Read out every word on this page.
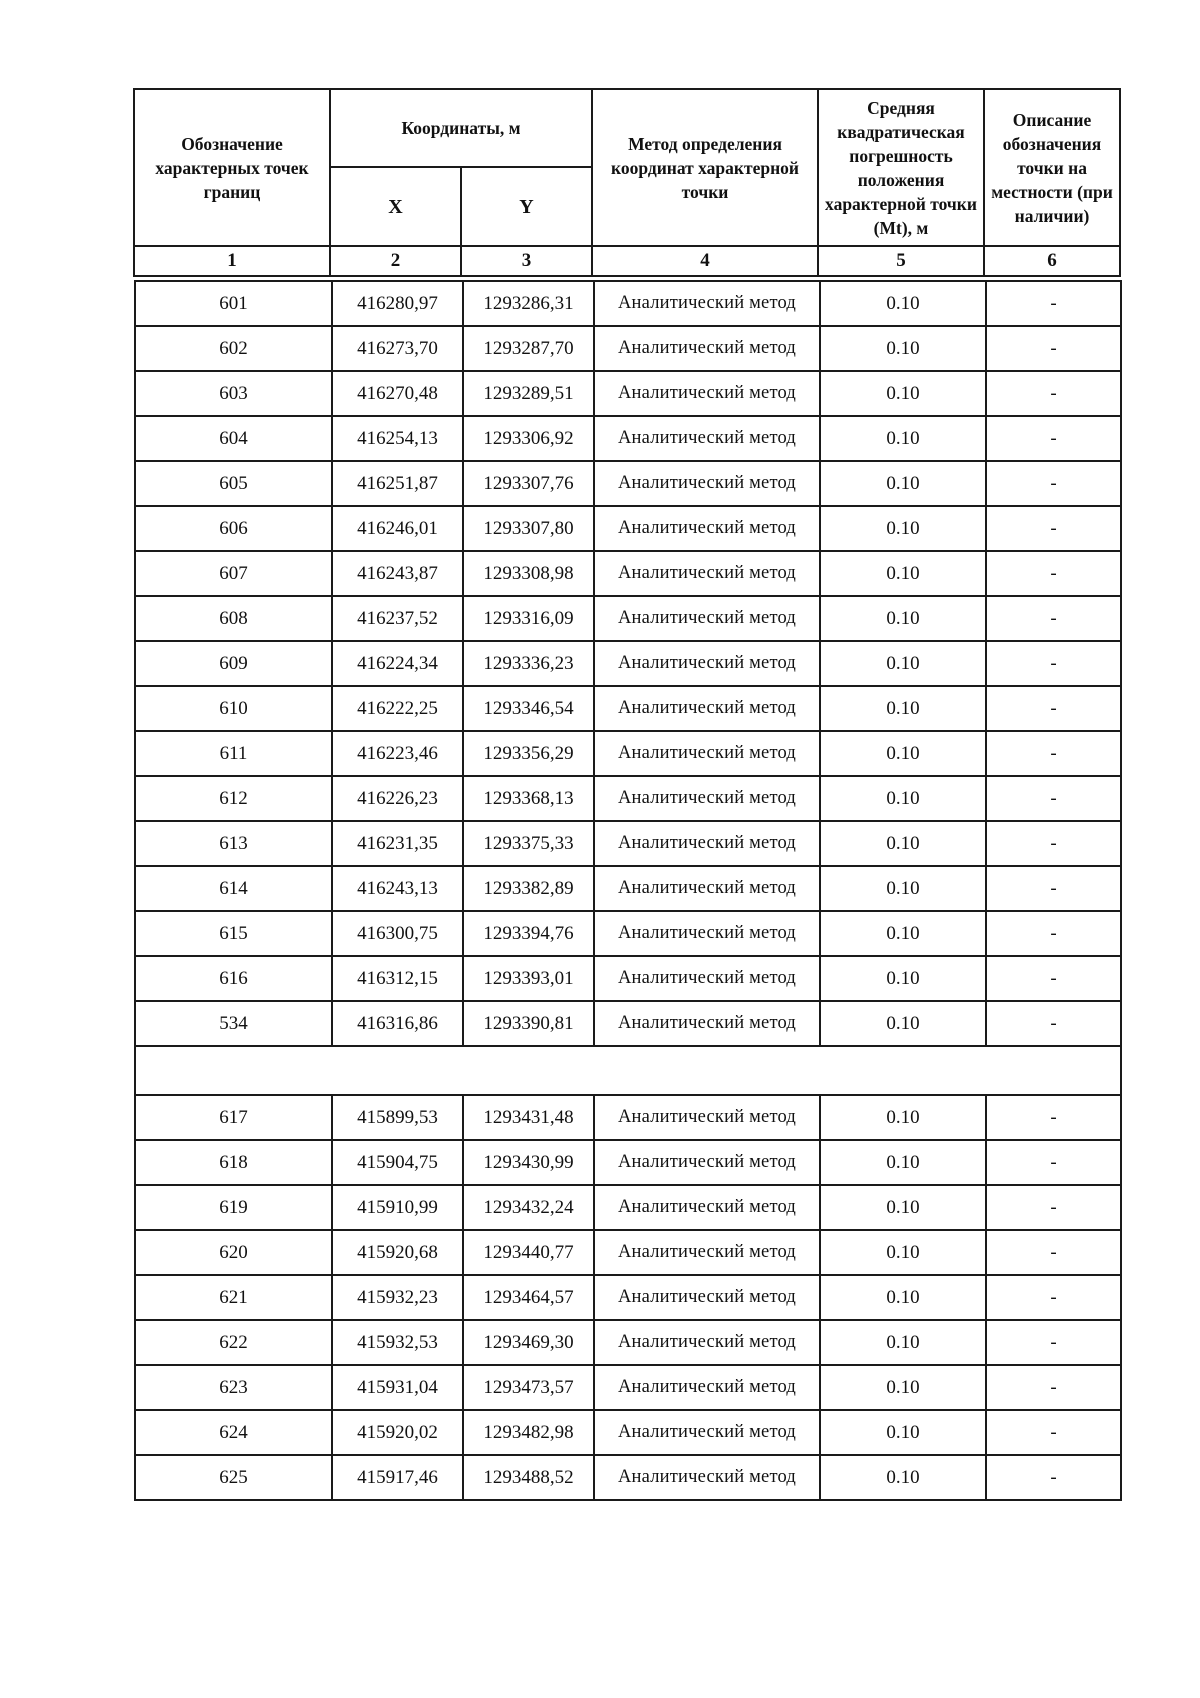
Обозначение характерных точек границ	Координаты, м		Метод определения координат характерной точки	Средняя квадратическая погрешность положения характерной точки (Mt), м	Описание обозначения точки на местности (при наличии)
	X	Y			
1	2	3	4	5	6
601	416280,97	1293286,31	Аналитический метод	0.10	-
602	416273,70	1293287,70	Аналитический метод	0.10	-
603	416270,48	1293289,51	Аналитический метод	0.10	-
604	416254,13	1293306,92	Аналитический метод	0.10	-
605	416251,87	1293307,76	Аналитический метод	0.10	-
606	416246,01	1293307,80	Аналитический метод	0.10	-
607	416243,87	1293308,98	Аналитический метод	0.10	-
608	416237,52	1293316,09	Аналитический метод	0.10	-
609	416224,34	1293336,23	Аналитический метод	0.10	-
610	416222,25	1293346,54	Аналитический метод	0.10	-
611	416223,46	1293356,29	Аналитический метод	0.10	-
612	416226,23	1293368,13	Аналитический метод	0.10	-
613	416231,35	1293375,33	Аналитический метод	0.10	-
614	416243,13	1293382,89	Аналитический метод	0.10	-
615	416300,75	1293394,76	Аналитический метод	0.10	-
616	416312,15	1293393,01	Аналитический метод	0.10	-
534	416316,86	1293390,81	Аналитический метод	0.10	-

617	415899,53	1293431,48	Аналитический метод	0.10	-
618	415904,75	1293430,99	Аналитический метод	0.10	-
619	415910,99	1293432,24	Аналитический метод	0.10	-
620	415920,68	1293440,77	Аналитический метод	0.10	-
621	415932,23	1293464,57	Аналитический метод	0.10	-
622	415932,53	1293469,30	Аналитический метод	0.10	-
623	415931,04	1293473,57	Аналитический метод	0.10	-
624	415920,02	1293482,98	Аналитический метод	0.10	-
625	415917,46	1293488,52	Аналитический метод	0.10	-
